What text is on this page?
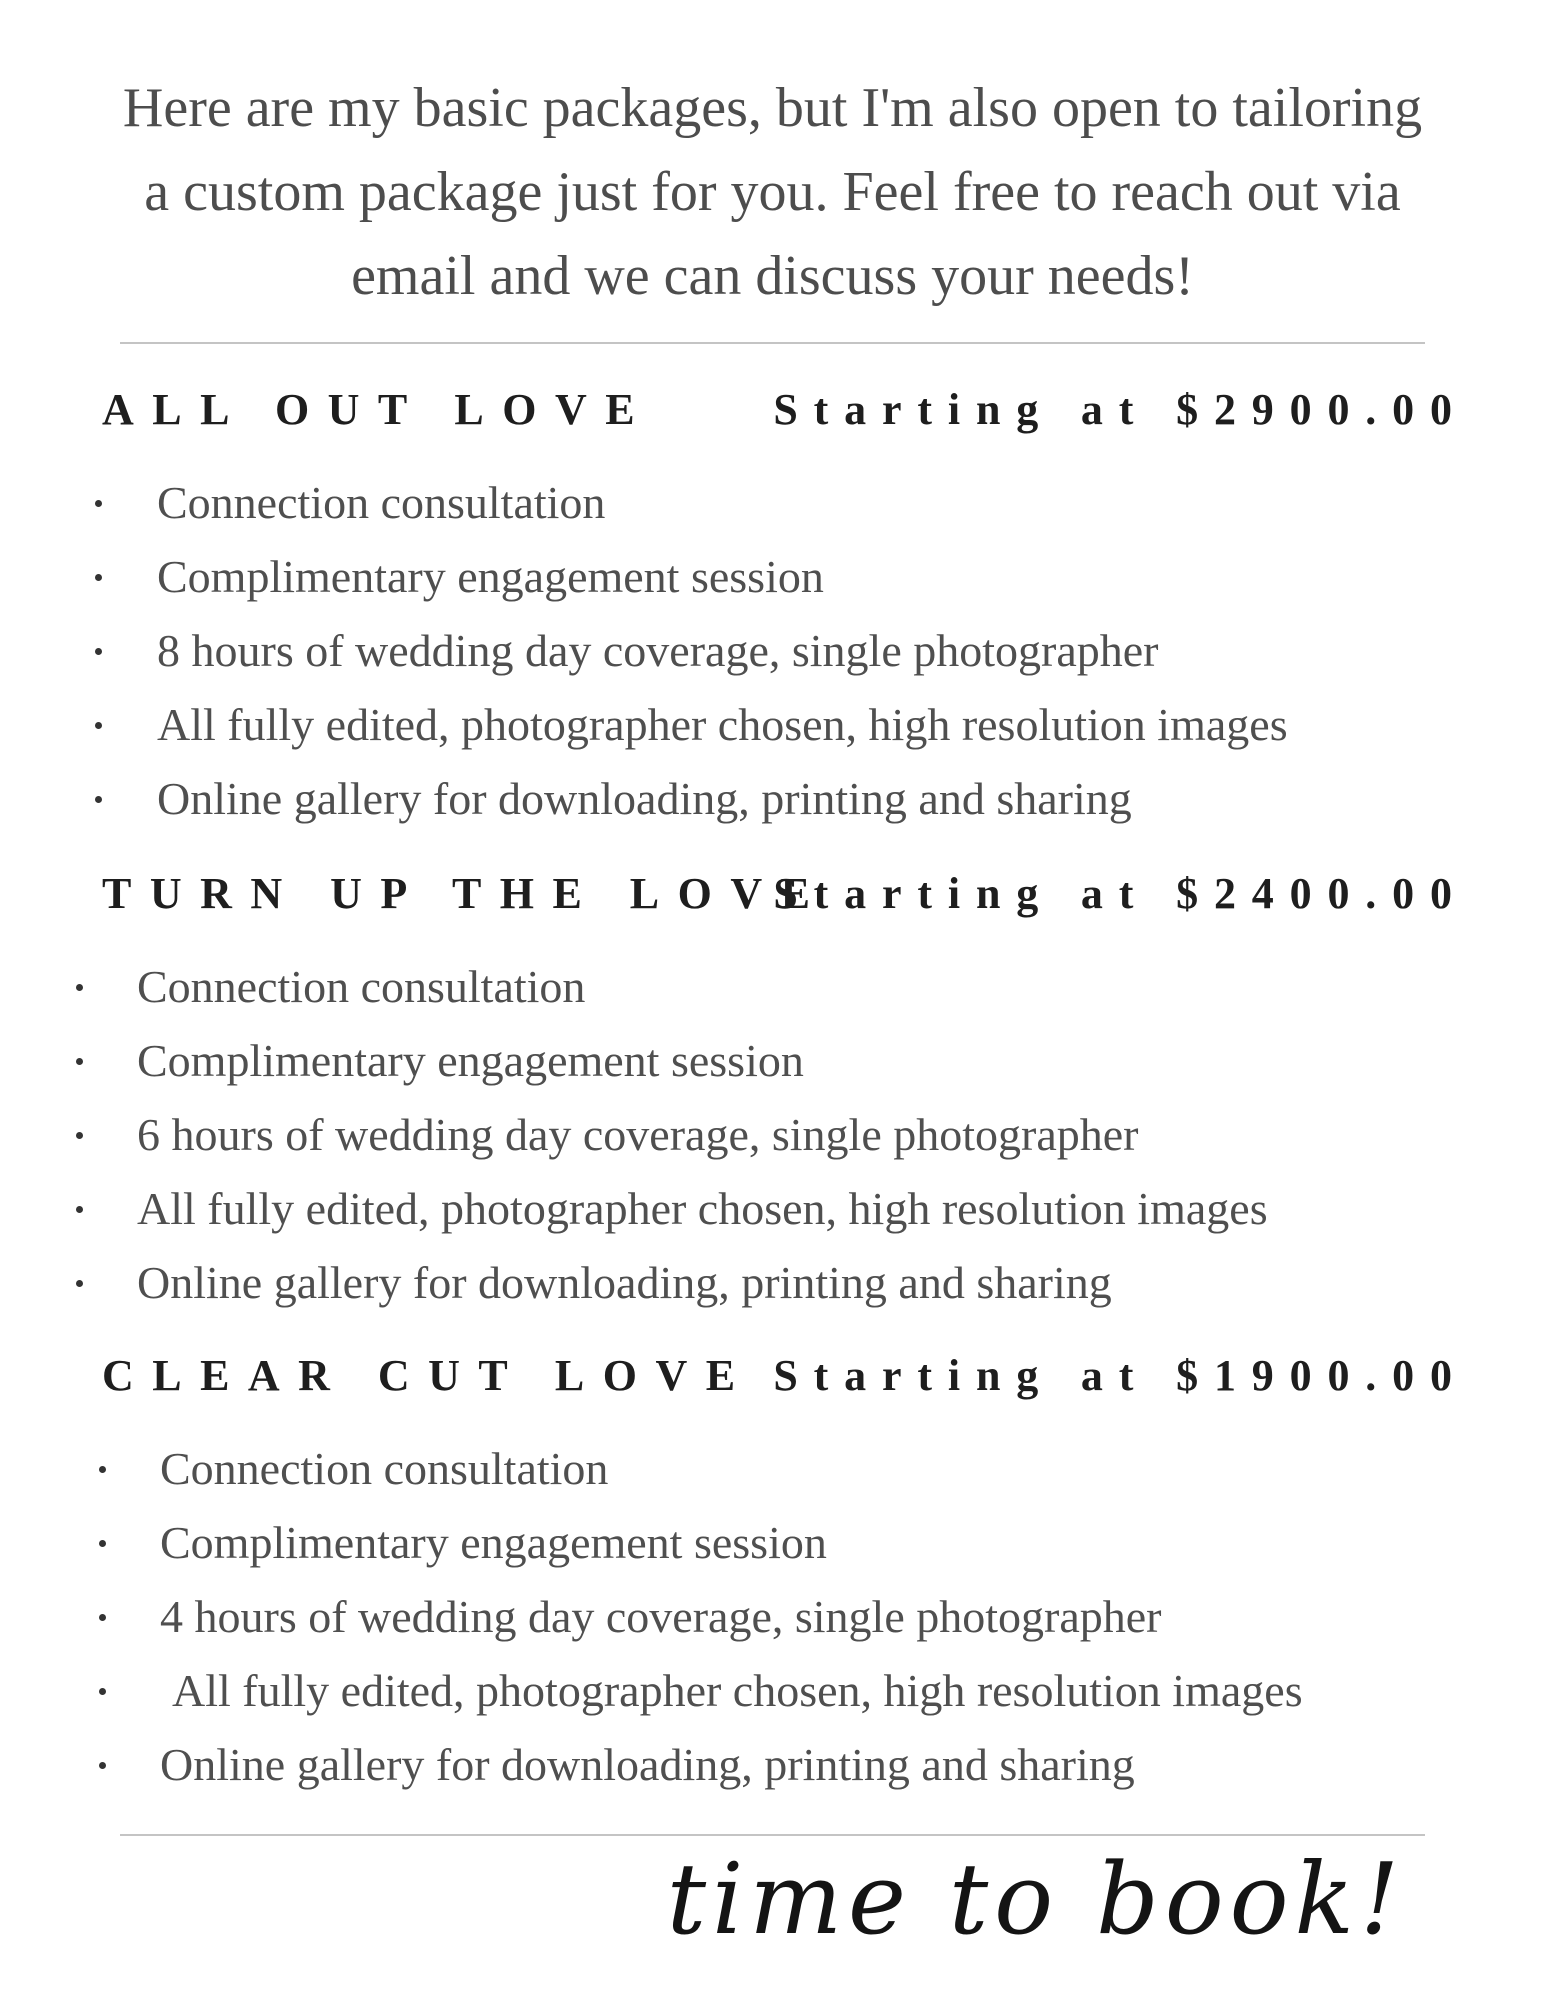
Here are my basic packages, but I'm also open to tailoring
a custom package just for you. Feel free to reach out via
email and we can discuss your needs!

ALL OUT LOVE	Starting at $2900.00
Connection consultation
Complimentary engagement session
8 hours of wedding day coverage, single photographer
All fully edited, photographer chosen, high resolution images
Online gallery for downloading, printing and sharing
TURN UP THE LOVE
Starting at $2400.00
Connection consultation
Complimentary engagement session
6 hours of wedding day coverage, single photographer
All fully edited, photographer chosen, high resolution images
Online gallery for downloading, printing and sharing
CLEAR CUT LOVE Starting at $1900.00
Connection consultation
Complimentary engagement session
4 hours of wedding day coverage, single photographer
All fully edited, photographer chosen, high resolution images
Online gallery for downloading, printing and sharing
time to book!
